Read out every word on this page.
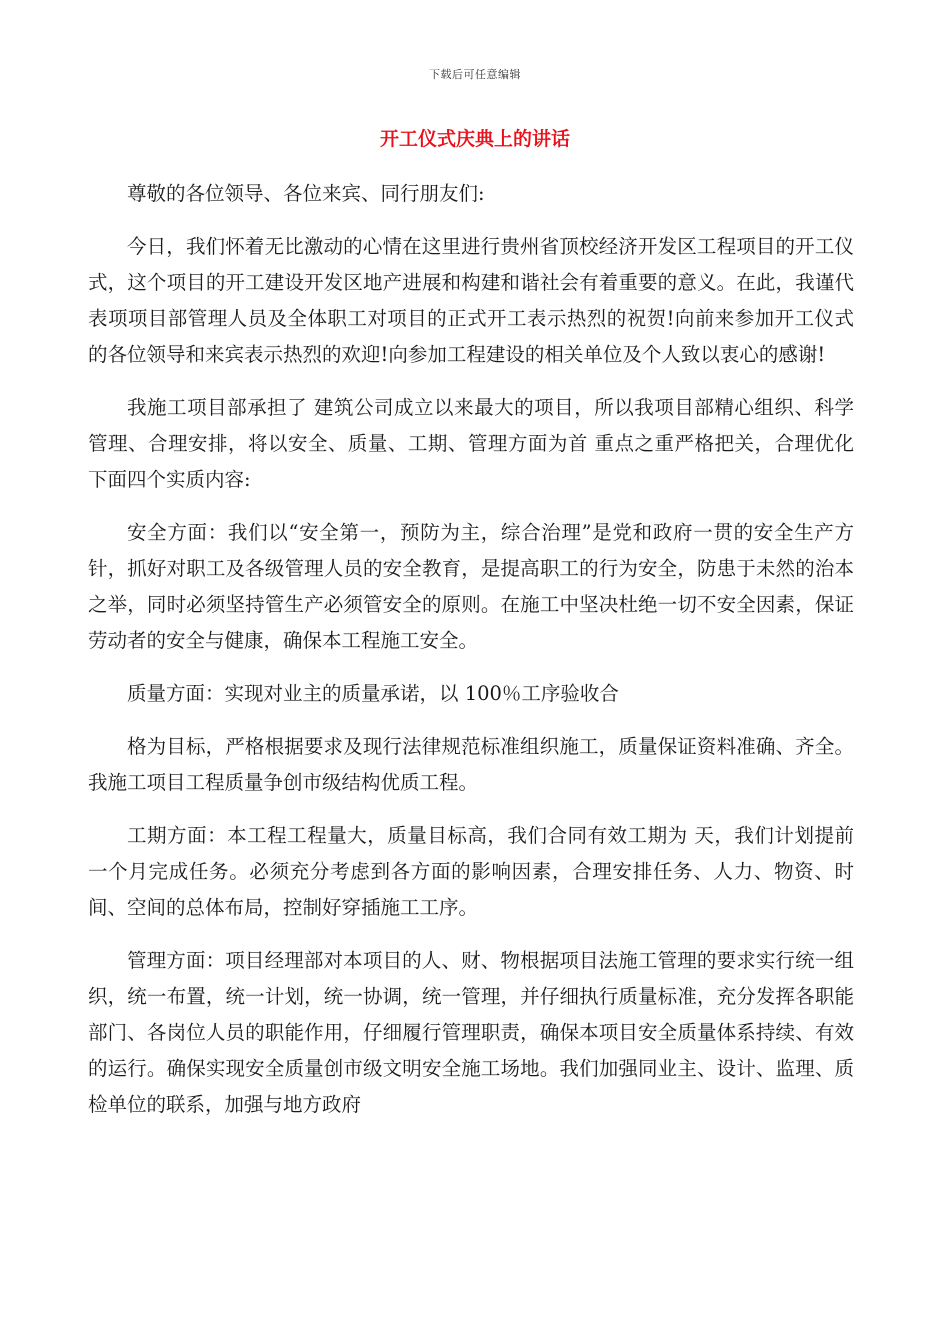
下载后可任意编辑
开工仪式庆典上的讲话

尊敬的各位领导、各位来宾、同行朋友们:

今日，我们怀着无比激动的心情在这里进行贵州省顶校经济开发区工程项目的开工仪式，这个项目的开工建设开发区地产进展和构建和谐社会有着重要的意义。在此，我谨代表项项目部管理人员及全体职工对项目的正式开工表示热烈的祝贺!向前来参加开工仪式的各位领导和来宾表示热烈的欢迎!向参加工程建设的相关单位及个人致以衷心的感谢!

我施工项目部承担了 建筑公司成立以来最大的项目，所以我项目部精心组织、科学管理、合理安排，将以安全、质量、工期、管理方面为首 重点之重严格把关，合理优化下面四个实质内容:

安全方面：我们以“安全第一，预防为主，综合治理”是党和政府一贯的安全生产方针，抓好对职工及各级管理人员的安全教育，是提高职工的行为安全，防患于未然的治本之举，同时必须坚持管生产必须管安全的原则。在施工中坚决杜绝一切不安全因素，保证劳动者的安全与健康，确保本工程施工安全。

质量方面：实现对业主的质量承诺，以 100％工序验收合

格为目标，严格根据要求及现行法律规范标准组织施工，质量保证资料准确、齐全。我施工项目工程质量争创市级结构优质工程。

工期方面：本工程工程量大，质量目标高，我们合同有效工期为 天，我们计划提前一个月完成任务。必须充分考虑到各方面的影响因素，合理安排任务、人力、物资、时间、空间的总体布局，控制好穿插施工工序。

管理方面：项目经理部对本项目的人、财、物根据项目法施工管理的要求实行统一组织，统一布置，统一计划，统一协调，统一管理，并仔细执行质量标准，充分发挥各职能部门、各岗位人员的职能作用，仔细履行管理职责，确保本项目安全质量体系持续、有效的运行。确保实现安全质量创市级文明安全施工场地。我们加强同业主、设计、监理、质检单位的联系，加强与地方政府
